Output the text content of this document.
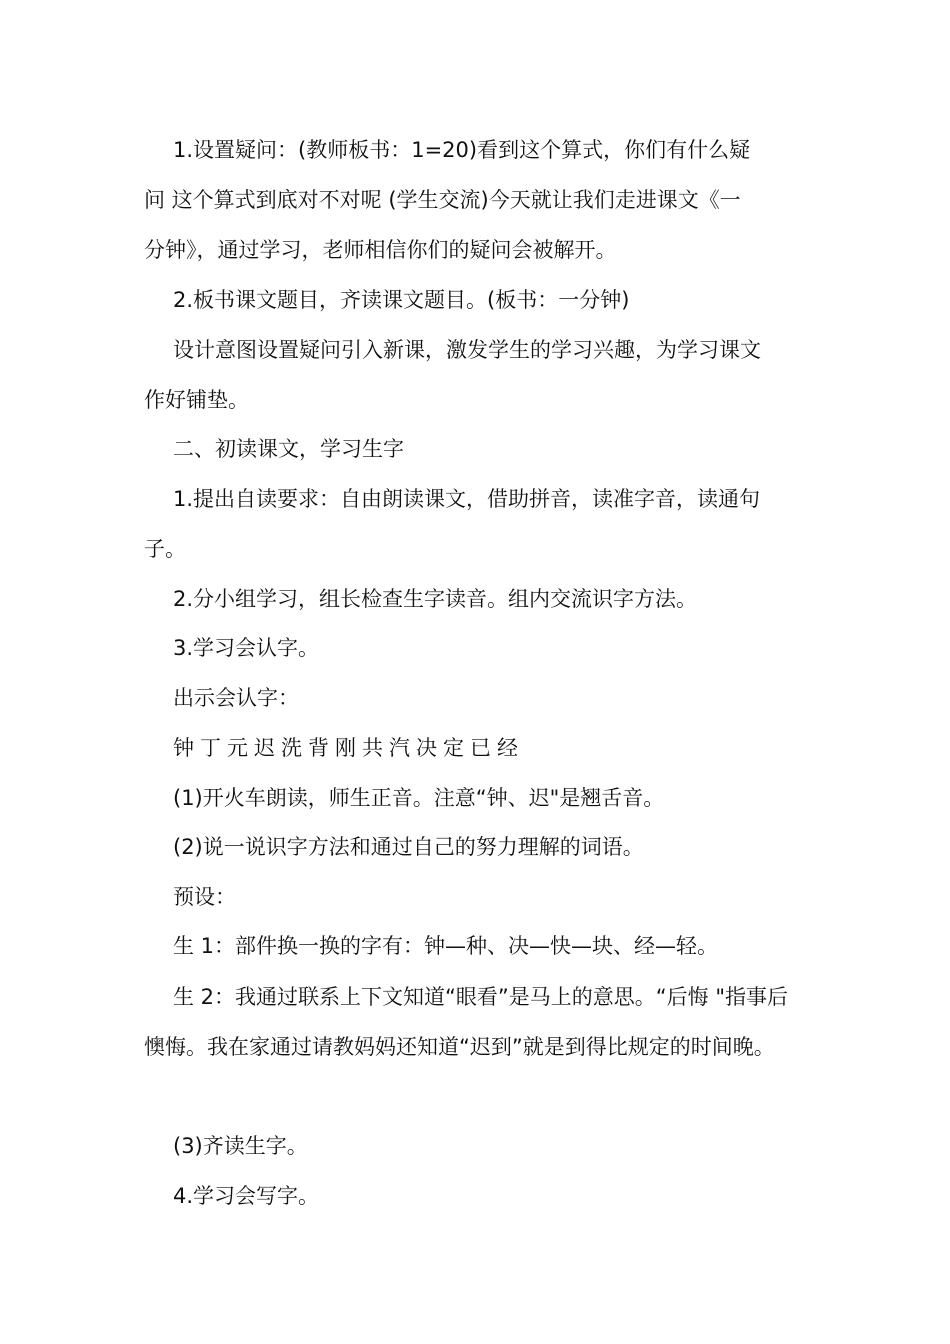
1.设置疑问：(教师板书：1=20)看到这个算式，你们有什么疑
问 这个算式到底对不对呢 (学生交流)今天就让我们走进课文《一
分钟》，通过学习，老师相信你们的疑问会被解开。
2.板书课文题目，齐读课文题目。(板书：一分钟)
设计意图设置疑问引入新课，激发学生的学习兴趣，为学习课文
作好铺垫。
二、初读课文，学习生字
1.提出自读要求：自由朗读课文，借助拼音，读准字音，读通句
子。
2.分小组学习，组长检查生字读音。组内交流识字方法。
3.学习会认字。
出示会认字：
钟丁元迟洗背刚共汽决定已经
(1)开火车朗读，师生正音。注意“钟、迟"是翘舌音。
(2)说一说识字方法和通过自己的努力理解的词语。
预设：
生 1：部件换一换的字有：钟—种、决—快—块、经—轻。
生 2：我通过联系上下文知道“眼看”是马上的意思。“后悔 "指事后
懊悔。我在家通过请教妈妈还知道“迟到”就是到得比规定的时间晚。
(3)齐读生字。
4.学习会写字。
